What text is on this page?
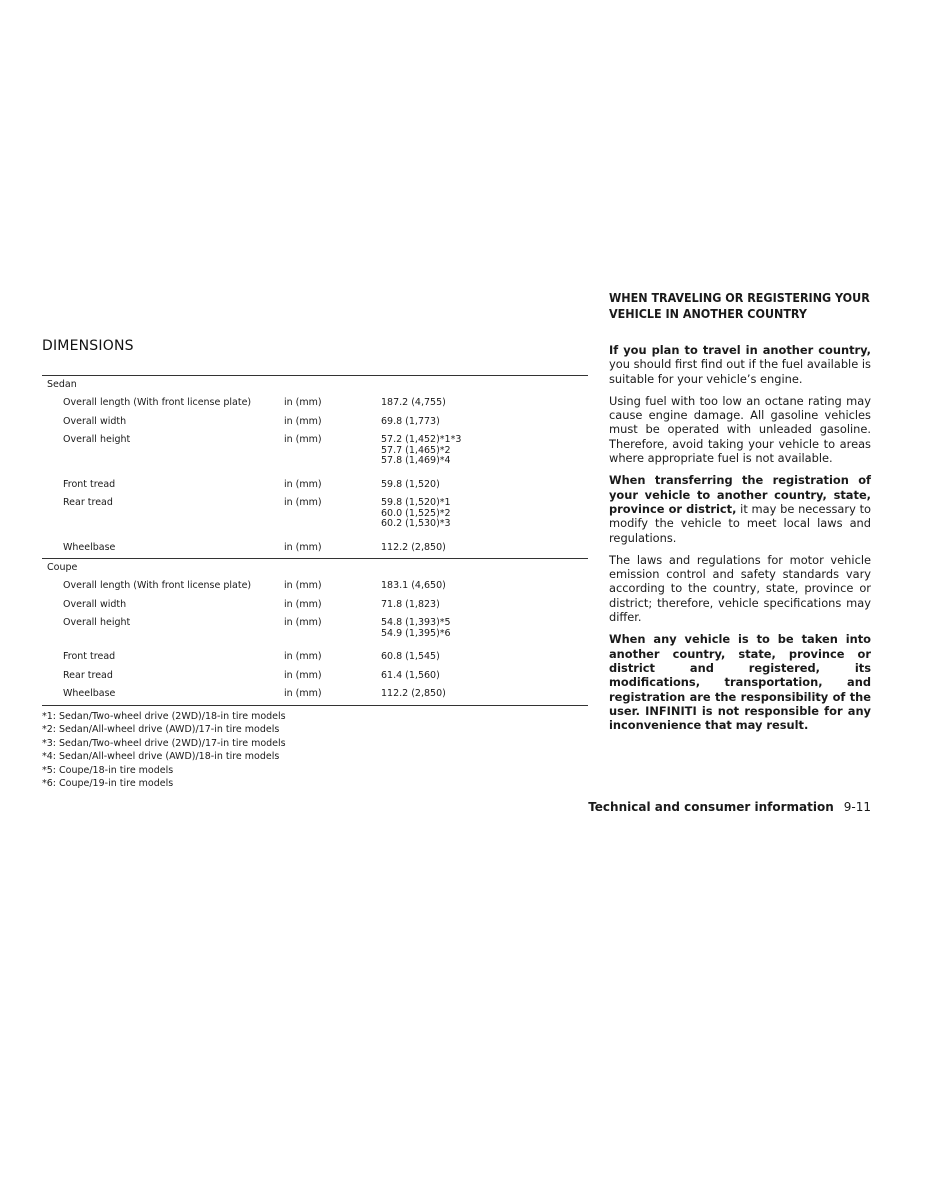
DIMENSIONS
Sedan
Overall length (With front license plate)	in (mm)	187.2 (4,755)
Overall width	in (mm)	69.8 (1,773)
Overall height	in (mm)	57.2 (1,452)*1*3
57.7 (1,465)*2
57.8 (1,469)*4
Front tread	in (mm)	59.8 (1,520)
Rear tread	in (mm)	59.8 (1,520)*1
60.0 (1,525)*2
60.2 (1,530)*3
Wheelbase	in (mm)	112.2 (2,850)
Coupe
Overall length (With front license plate)	in (mm)	183.1 (4,650)
Overall width	in (mm)	71.8 (1,823)
Overall height	in (mm)	54.8 (1,393)*5
54.9 (1,395)*6
Front tread	in (mm)	60.8 (1,545)
Rear tread	in (mm)	61.4 (1,560)
Wheelbase	in (mm)	112.2 (2,850)
*1: Sedan/Two-wheel drive (2WD)/18-in tire models
*2: Sedan/All-wheel drive (AWD)/17-in tire models
*3: Sedan/Two-wheel drive (2WD)/17-in tire models
*4: Sedan/All-wheel drive (AWD)/18-in tire models
*5: Coupe/18-in tire models
*6: Coupe/19-in tire models
WHEN TRAVELING OR REGISTERING YOUR
VEHICLE IN ANOTHER COUNTRY

If you plan to travel in another country, you should first find out if the fuel available is suitable for your vehicle’s engine.

Using fuel with too low an octane rating may cause engine damage. All gasoline vehicles must be operated with unleaded gasoline. Therefore, avoid taking your vehicle to areas where appropriate fuel is not available.

When transferring the registration of your vehicle to another country, state, province or district, it may be necessary to modify the vehicle to meet local laws and regulations.

The laws and regulations for motor vehicle emission control and safety standards vary according to the country, state, province or district; therefore, vehicle specifications may differ.

When any vehicle is to be taken into another country, state, province or district and registered, its modifications, transportation, and registration are the responsibility of the user. INFINITI is not responsible for any inconvenience that may result.

Technical and consumer information 9-11
